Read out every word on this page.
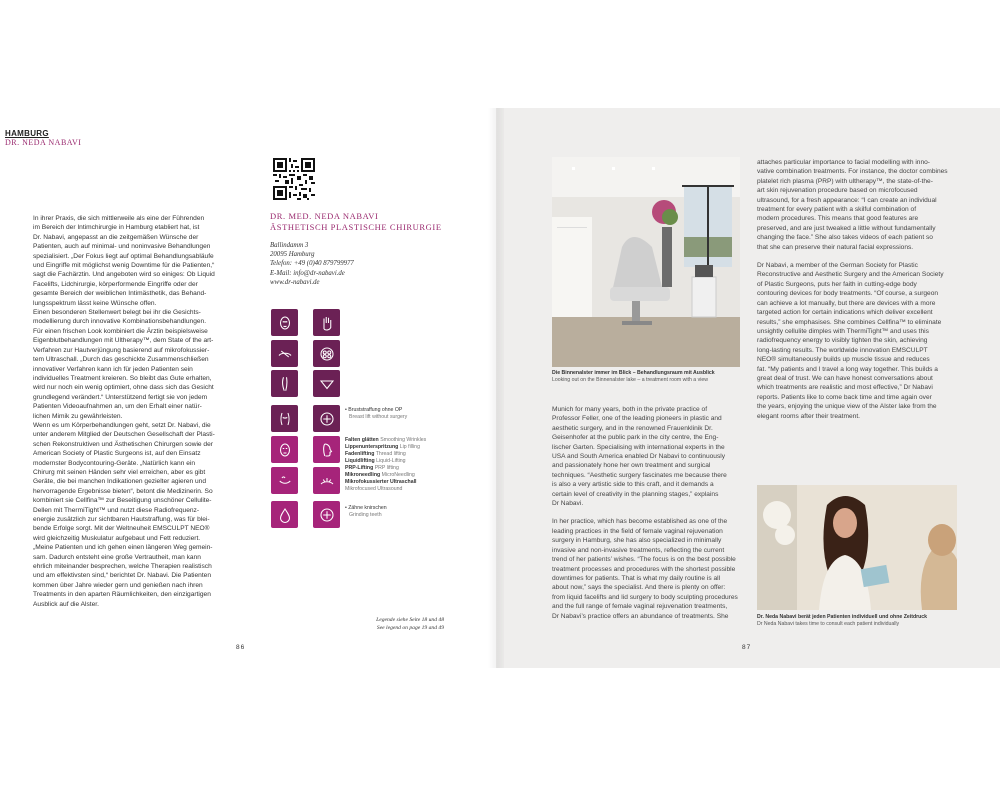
HAMBURG
DR. NEDA NABAVI

In ihrer Praxis, die sich mittlerweile als eine der Führenden
im Bereich der Intimchirurgie in Hamburg etabliert hat, ist
Dr. Nabavi, angepasst an die zeitgemäßen Wünsche der
Patienten, auch auf minimal- und noninvasive Behandlungen
spezialisiert. „Der Fokus liegt auf optimal Behandlungsabläufe
und Eingriffe mit möglichst wenig Downtime für die Patienten,“
sagt die Fachärztin. Und angeboten wird so einiges: Ob Liquid
Facelifts, Lidchirurgie, körperformende Eingriffe oder der
gesamte Bereich der weiblichen Intimästhetik, das Behand-
lungsspektrum lässt keine Wünsche offen.
Einen besonderen Stellenwert belegt bei ihr die Gesichts-
modellierung durch innovative Kombinationsbehandlungen.
Für einen frischen Look kombiniert die Ärztin beispielsweise
Eigenblutbehandlungen mit Ultherapy™, dem State of the art-
Verfahren zur Hautverjüngung basierend auf mikrofokussier-
tem Ultraschall. „Durch das geschickte Zusammenschließen
innovativer Verfahren kann ich für jeden Patienten sein
individuelles Treatment kreieren. So bleibt das Gute erhalten,
wird nur noch ein wenig optimiert, ohne dass sich das Gesicht
grundlegend verändert.“ Unterstützend fertigt sie von jedem
Patienten Videoaufnahmen an, um den Erhalt einer natür-
lichen Mimik zu gewährleisten.
Wenn es um Körperbehandlungen geht, setzt Dr. Nabavi, die
unter anderem Mitglied der Deutschen Gesellschaft der Plasti-
schen Rekonstruktiven und Ästhetischen Chirurgen sowie der
American Society of Plastic Surgeons ist, auf den Einsatz
modernster Bodycontouring-Geräte. „Natürlich kann ein
Chirurg mit seinen Händen sehr viel erreichen, aber es gibt
Geräte, die bei manchen Indikationen gezielter agieren und
hervorragende Ergebnisse bieten“, betont die Medizinerin. So
kombiniert sie Cellfina™ zur Beseitigung unschöner Cellulite-
Dellen mit ThermiTight™ und nutzt diese Radiofrequenz-
energie zusätzlich zur sichtbaren Hautstraffung, was für blei-
bende Erfolge sorgt. Mit der Weltneuheit EMSCULPT NEO®
wird gleichzeitig Muskulatur aufgebaut und Fett reduziert.
„Meine Patienten und ich gehen einen längeren Weg gemein-
sam. Dadurch entsteht eine große Vertrautheit, man kann
ehrlich miteinander besprechen, welche Therapien realistisch
und am effektivsten sind,“ berichtet Dr. Nabavi. Die Patienten
kommen über Jahre wieder gern und genießen nach ihren
Treatments in den aparten Räumlichkeiten, den einzigartigen
Ausblick auf die Alster.

DR. MED. NEDA NABAVI
ÄSTHETISCH PLASTISCHE CHIRURGIE
Ballindamm 3
20095 Hamburg
Telefon: +49 (0)40 879799977
E-Mail: info@dr-nabavi.de
www.dr-nabavi.de
• Bruststraffung ohne OP
Breast lift without surgery
Falten glätten Smoothing Wrinkles
Lippenunterspritzung Lip filling
Fadenlifting Thread lifting
Liquidlifting Liquid-Lifting
PRP-Lifting PRP lifting
Mikroneedling MicroNeedling
Mikrofokussierter Ultraschall
Mikrofocused Ultrasound
• Zähne knirschen
Grinding teeth
Legende siehe Seite 18 und 48
See legend on page 19 and 49
86	87
Die Binnenalster immer im Blick – Behandlungsraum mit Ausblick
Looking out on the Binnenalster lake – a treatment room with a view

Munich for many years, both in the private practice of
Professor Feller, one of the leading pioneers in plastic and
aesthetic surgery, and in the renowned Frauenklinik Dr.
Geisenhofer at the public park in the city centre, the Eng-
lischer Garten. Specialising with international experts in the
USA and South America enabled Dr Nabavi to continuously
and passionately hone her own treatment and surgical
techniques. “Aesthetic surgery fascinates me because there
is also a very artistic side to this craft, and it demands a
certain level of creativity in the planning stages,” explains
Dr Nabavi.

In her practice, which has become established as one of the
leading practices in the field of female vaginal rejuvenation
surgery in Hamburg, she has also specialized in minimally
invasive and non-invasive treatments, reflecting the current
trend of her patients’ wishes. “The focus is on the best possible
treatment processes and procedures with the shortest possible
downtimes for patients. That is what my daily routine is all
about now,” says the specialist. And there is plenty on offer:
from liquid facelifts and lid surgery to body sculpting procedures
and the full range of female vaginal rejuvenation treatments,
Dr Nabavi’s practice offers an abundance of treatments. She

attaches particular importance to facial modelling with inno-
vative combination treatments. For instance, the doctor combines
platelet rich plasma (PRP) with ultherapy™, the state-of-the-
art skin rejuvenation procedure based on microfocused
ultrasound, for a fresh appearance: “I can create an individual
treatment for every patient with a skilful combination of
modern procedures. This means that good features are
preserved, and are just tweaked a little without fundamentally
changing the face.” She also takes videos of each patient so
that she can preserve their natural facial expressions.

Dr Nabavi, a member of the German Society for Plastic
Reconstructive and Aesthetic Surgery and the American Society
of Plastic Surgeons, puts her faith in cutting-edge body
contouring devices for body treatments. “Of course, a surgeon
can achieve a lot manually, but there are devices with a more
targeted action for certain indications which deliver excellent
results,” she emphasises. She combines Cellfina™ to eliminate
unsightly cellulite dimples with ThermiTight™ and uses this
radiofrequency energy to visibly tighten the skin, achieving
long-lasting results. The worldwide innovation EMSCULPT
NEO® simultaneously builds up muscle tissue and reduces
fat. “My patients and I travel a long way together. This builds a
great deal of trust. We can have honest conversations about
which treatments are realistic and most effective,” Dr Nabavi
reports. Patients like to come back time and time again over
the years, enjoying the unique view of the Alster lake from the
elegant rooms after their treatment.

Dr. Neda Nabavi berät jeden Patienten individuell und ohne Zeitdruck
Dr Neda Nabavi takes time to consult each patient individually
